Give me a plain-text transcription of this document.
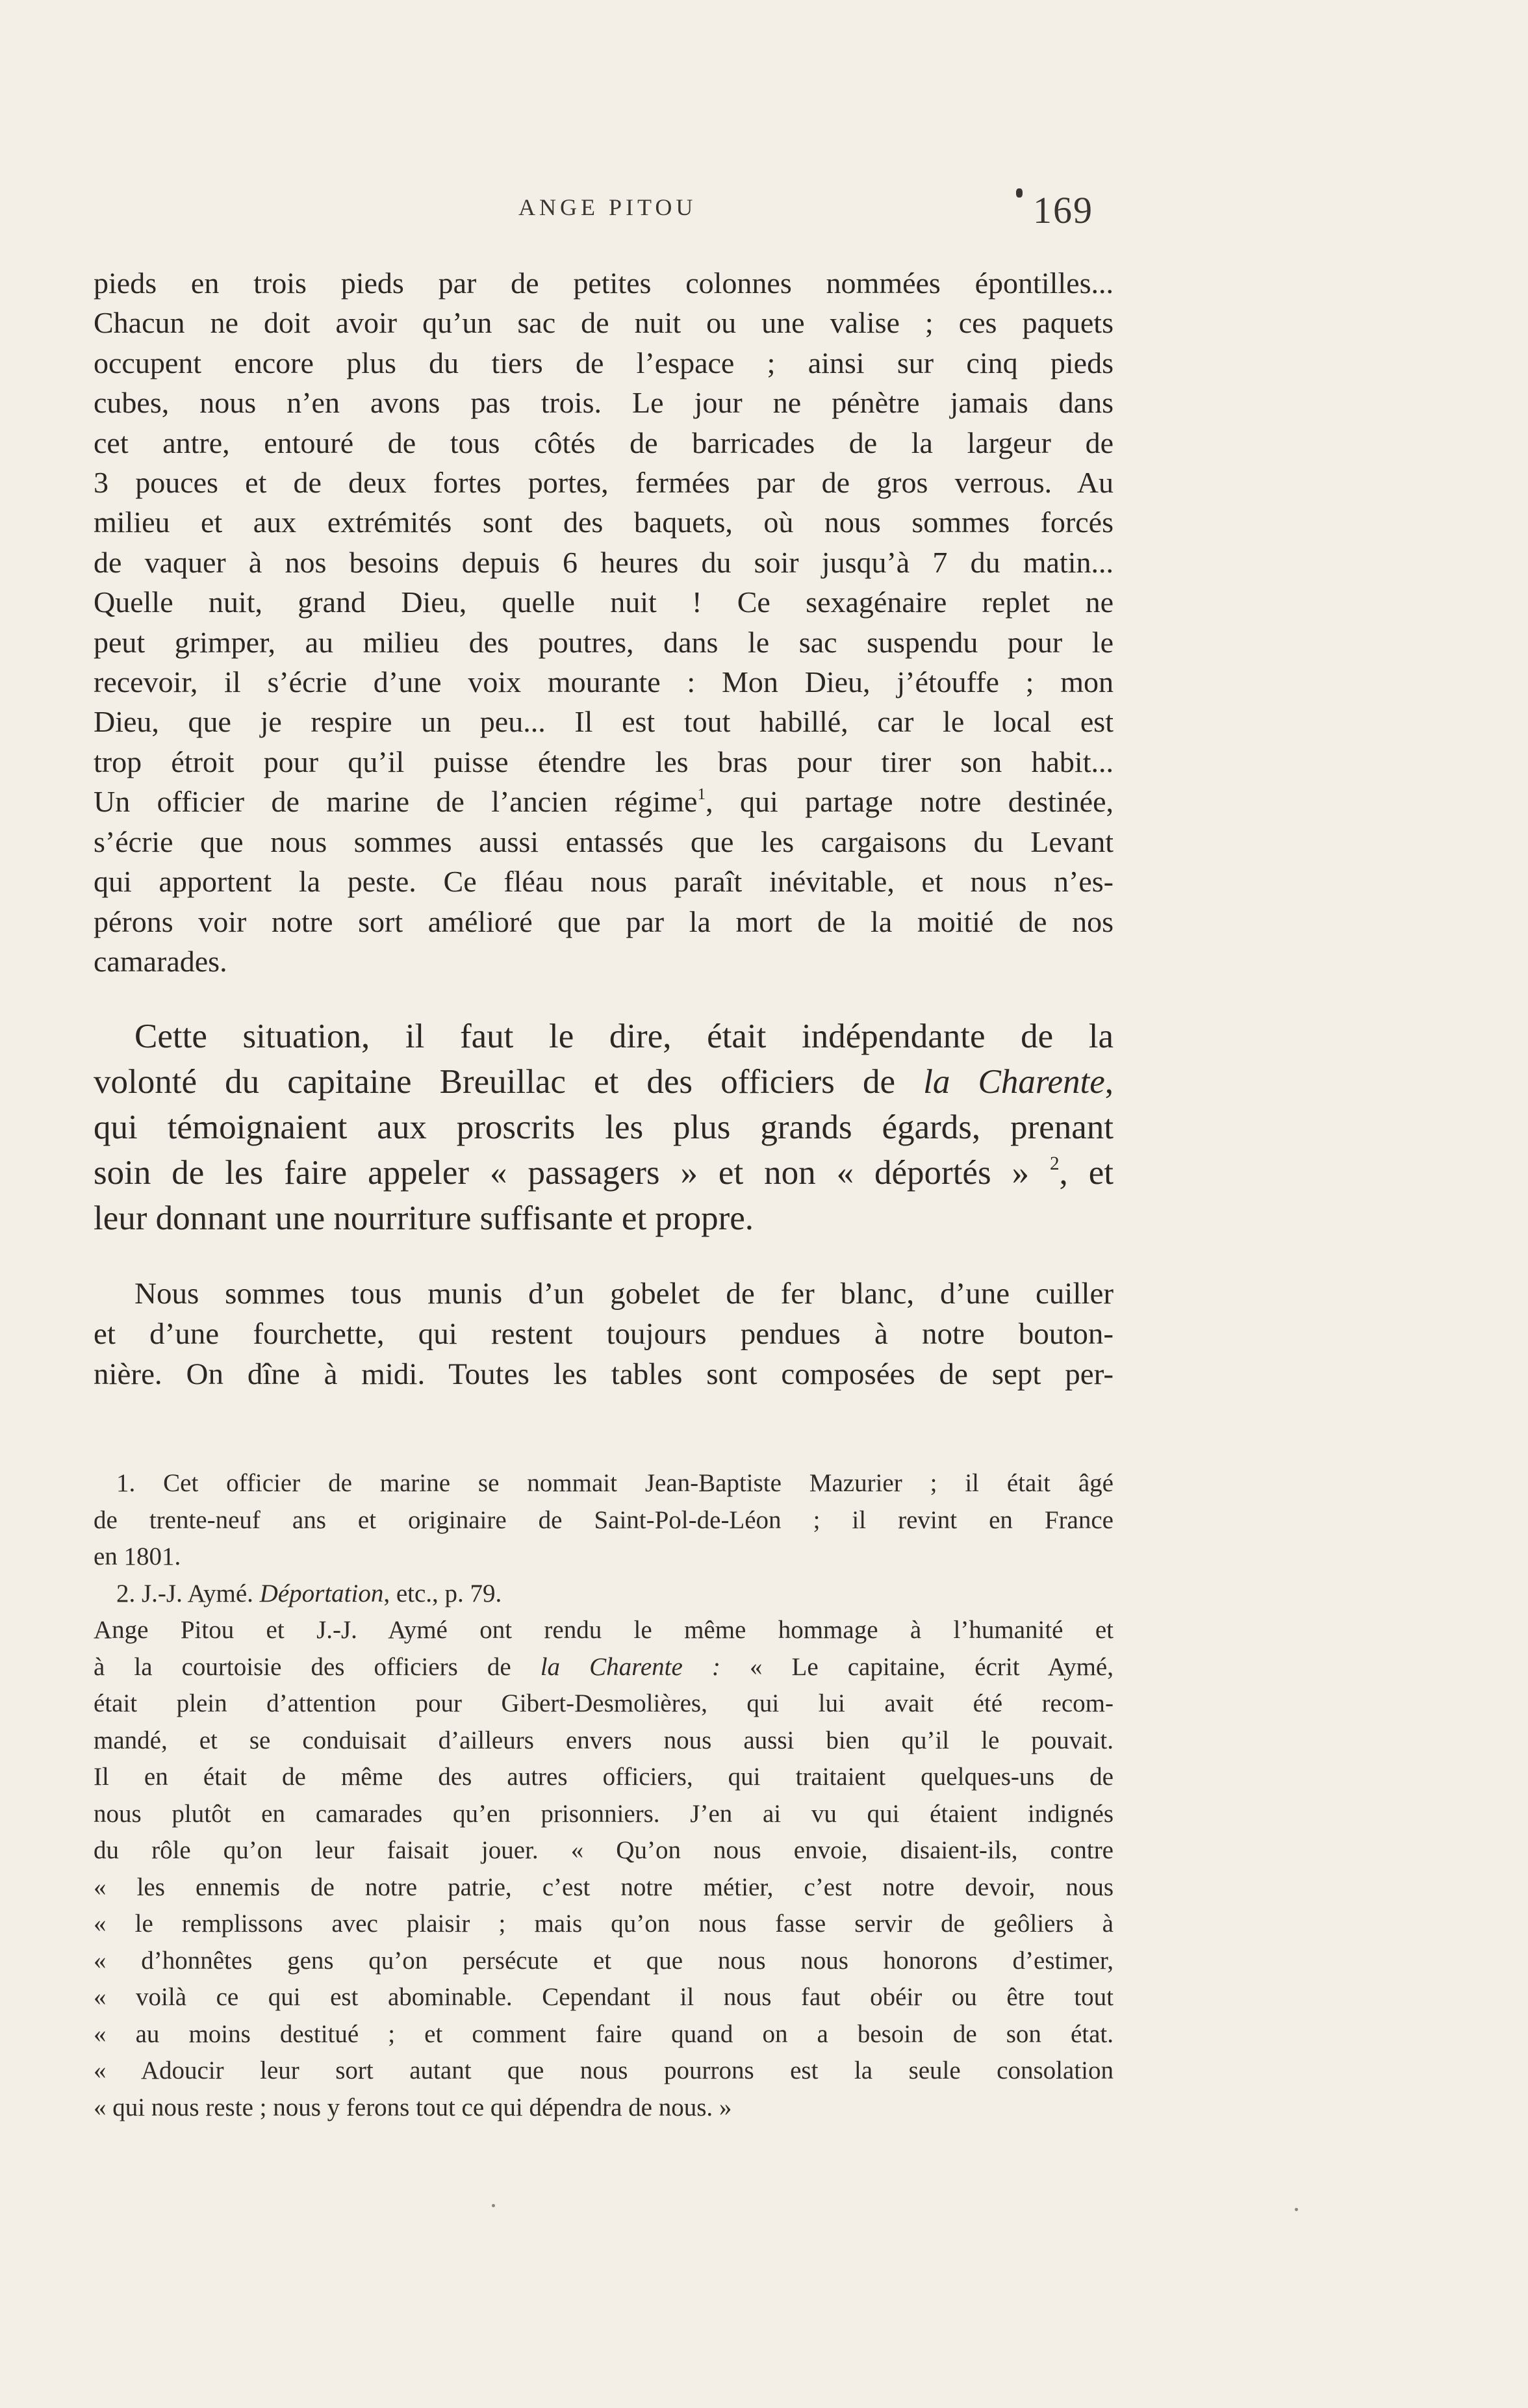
ANGE PITOU	169
pieds en trois pieds par de petites colonnes nommées épontilles...
Chacun ne doit avoir qu’un sac de nuit ou une valise ; ces paquets
occupent encore plus du tiers de l’espace ; ainsi sur cinq pieds
cubes, nous n’en avons pas trois. Le jour ne pénètre jamais dans
cet antre, entouré de tous côtés de barricades de la largeur de
3 pouces et de deux fortes portes, fermées par de gros verrous. Au
milieu et aux extrémités sont des baquets, où nous sommes forcés
de vaquer à nos besoins depuis 6 heures du soir jusqu’à 7 du matin...
Quelle nuit, grand Dieu, quelle nuit ! Ce sexagénaire replet ne
peut grimper, au milieu des poutres, dans le sac suspendu pour le
recevoir, il s’écrie d’une voix mourante : Mon Dieu, j’étouffe ; mon
Dieu, que je respire un peu... Il est tout habillé, car le local est
trop étroit pour qu’il puisse étendre les bras pour tirer son habit...
Un officier de marine de l’ancien régime$^1$, qui partage notre destinée,
s’écrie que nous sommes aussi entassés que les cargaisons du Levant
qui apportent la peste. Ce fléau nous paraît inévitable, et nous n’es-
pérons voir notre sort amélioré que par la mort de la moitié de nos
camarades.
Cette situation, il faut le dire, était indépendante de la
volonté du capitaine Breuillac et des officiers de la Charente,
qui témoignaient aux proscrits les plus grands égards, prenant
soin de les faire appeler « passagers » et non « déportés » $^2$, et
leur donnant une nourriture suffisante et propre.
Nous sommes tous munis d’un gobelet de fer blanc, d’une cuiller
et d’une fourchette, qui restent toujours pendues à notre bouton-
nière. On dîne à midi. Toutes les tables sont composées de sept per-
1. Cet officier de marine se nommait Jean-Baptiste Mazurier ; il était âgé
de trente-neuf ans et originaire de Saint-Pol-de-Léon ; il revint en France
en 1801.
2. J.-J. Aymé. Déportation, etc., p. 79.
Ange Pitou et J.-J. Aymé ont rendu le même hommage à l’humanité et
à la courtoisie des officiers de la Charente : « Le capitaine, écrit Aymé,
était plein d’attention pour Gibert-Desmolières, qui lui avait été recom-
mandé, et se conduisait d’ailleurs envers nous aussi bien qu’il le pouvait.
Il en était de même des autres officiers, qui traitaient quelques-uns de
nous plutôt en camarades qu’en prisonniers. J’en ai vu qui étaient indignés
du rôle qu’on leur faisait jouer. « Qu’on nous envoie, disaient-ils, contre
« les ennemis de notre patrie, c’est notre métier, c’est notre devoir, nous
« le remplissons avec plaisir ; mais qu’on nous fasse servir de geôliers à
« d’honnêtes gens qu’on persécute et que nous nous honorons d’estimer,
« voilà ce qui est abominable. Cependant il nous faut obéir ou être tout
« au moins destitué ; et comment faire quand on a besoin de son état.
« Adoucir leur sort autant que nous pourrons est la seule consolation
« qui nous reste ; nous y ferons tout ce qui dépendra de nous. »
